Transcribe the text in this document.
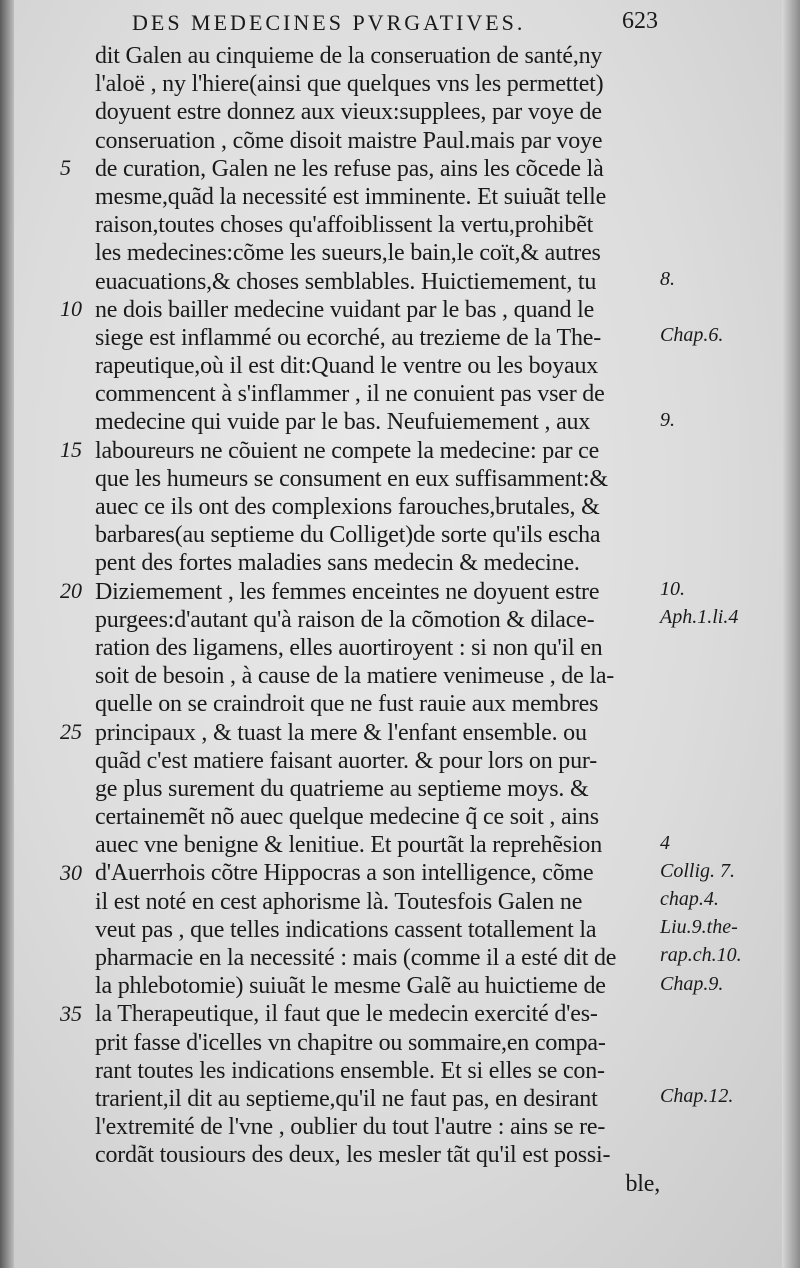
DES MEDECINES PVRGATIVES.	623
5
10
15
20
25
30
35
dit Galen au cinquieme de la conseruation de santé,ny
l'aloë , ny l'hiere(ainsi que quelques vns les permettet)
doyuent estre donnez aux vieux:supplees, par voye de
conseruation , cõme disoit maistre Paul.mais par voye
de curation, Galen ne les refuse pas, ains les cõcede là
mesme,quãd la necessité est imminente. Et suiuãt telle
raison,toutes choses qu'affoiblissent la vertu,prohibẽt
les medecines:cõme les sueurs,le bain,le coït,& autres
euacuations,& choses semblables. Huictiemement, tu
ne dois bailler medecine vuidant par le bas , quand le
siege est inflammé ou ecorché, au trezieme de la The-
rapeutique,où il est dit:Quand le ventre ou les boyaux
commencent à s'inflammer , il ne conuient pas vser de
medecine qui vuide par le bas. Neufuiemement , aux
laboureurs ne cõuient ne compete la medecine: par ce
que les humeurs se consument en eux suffisamment:&
auec ce ils ont des complexions farouches,brutales, &
barbares(au septieme du Colliget)de sorte qu'ils escha
pent des fortes maladies sans medecin & medecine.
Diziemement , les femmes enceintes ne doyuent estre
purgees:d'autant qu'à raison de la cõmotion & dilace-
ration des ligamens, elles auortiroyent : si non qu'il en
soit de besoin , à cause de la matiere venimeuse , de la-
quelle on se craindroit que ne fust rauie aux membres
principaux , & tuast la mere & l'enfant ensemble. ou
quãd c'est matiere faisant auorter. & pour lors on pur-
ge plus surement du quatrieme au septieme moys. &
certainemẽt nõ auec quelque medecine q̃ ce soit , ains
auec vne benigne & lenitiue. Et pourtãt la reprehẽsion
d'Auerrhois cõtre Hippocras a son intelligence, cõme
il est noté en cest aphorisme là. Toutesfois Galen ne
veut pas , que telles indications cassent totallement la
pharmacie en la necessité : mais (comme il a esté dit de
la phlebotomie) suiuãt le mesme Galẽ au huictieme de
la Therapeutique, il faut que le medecin exercité d'es-
prit fasse d'icelles vn chapitre ou sommaire,en compa-
rant toutes les indications ensemble. Et si elles se con-
trarient,il dit au septieme,qu'il ne faut pas, en desirant
l'extremité de l'vne , oublier du tout l'autre : ains se re-
cordãt tousiours des deux, les mesler tãt qu'il est possi-
ble,
8.
Chap.6.
9.
10.
Aph.1.li.4
4
Collig. 7.
chap.4.
Liu.9.the-
rap.ch.10.
Chap.9.
Chap.12.
